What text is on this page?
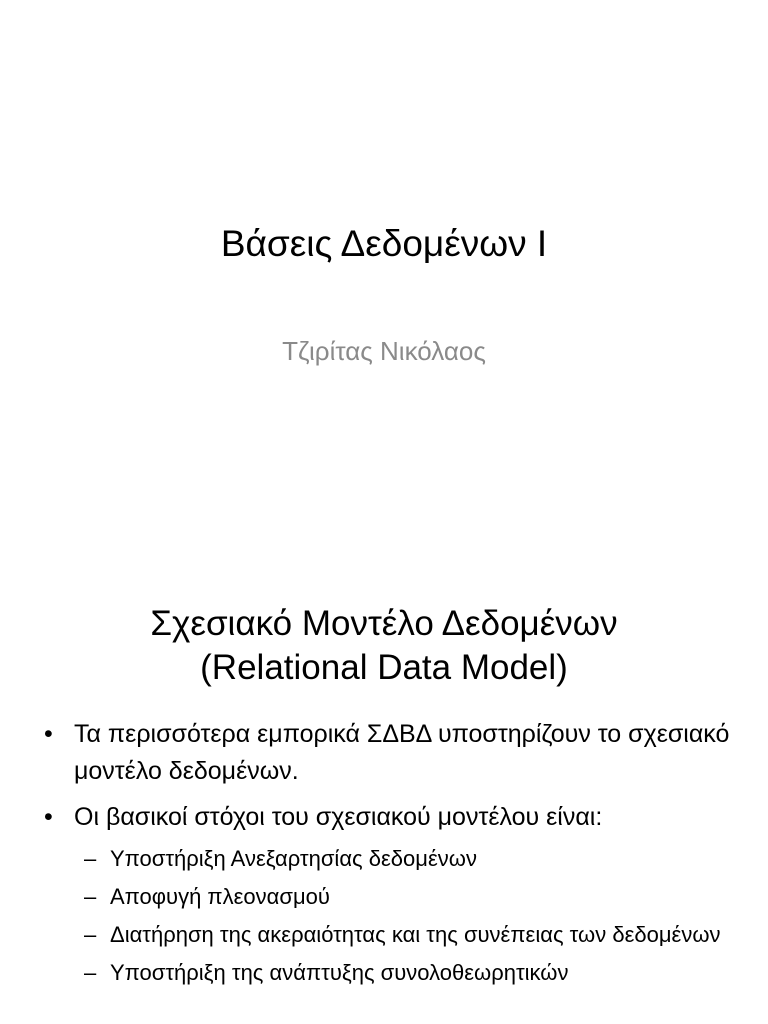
Βάσεις Δεδομένων Ι
Τζιρίτας Νικόλαος
Σχεσιακό Μοντέλο Δεδομένων
(Relational Data Model)
• Τα περισσότερα εμπορικά ΣΔΒΔ υποστηρίζουν το σχεσιακό μοντέλο δεδομένων.
• Οι βασικοί στόχοι του σχεσιακού μοντέλου είναι:
– Υποστήριξη Ανεξαρτησίας δεδομένων
– Αποφυγή πλεονασμού
– Διατήρηση της ακεραιότητας και της συνέπειας των δεδομένων
– Υποστήριξη της ανάπτυξης συνολοθεωρητικών
